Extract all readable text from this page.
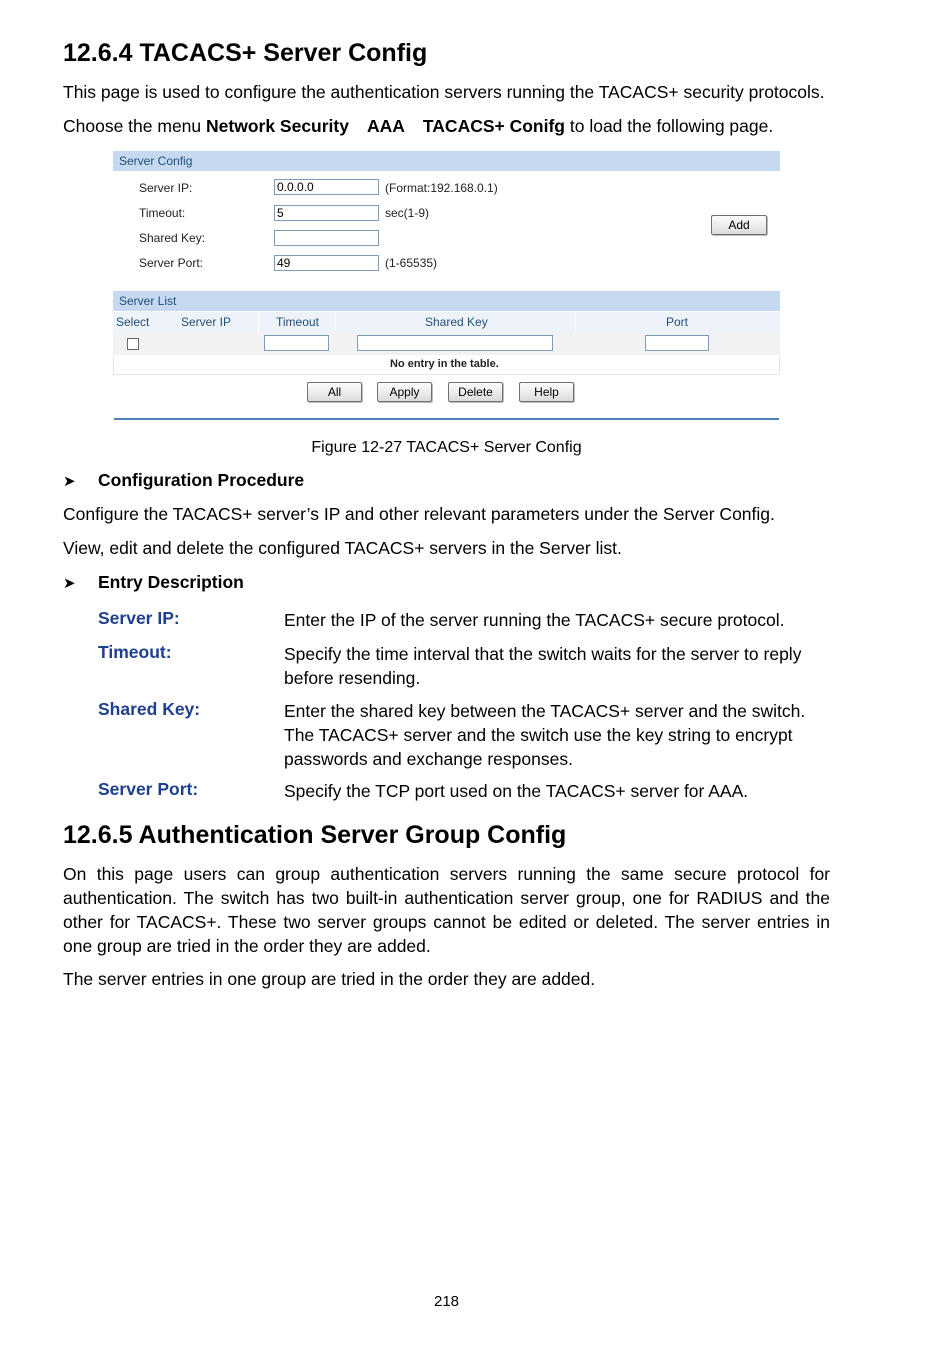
12.6.4 TACACS+ Server Config
This page is used to configure the authentication servers running the TACACS+ security protocols.
Choose the menu Network Security AAA TACACS+ Conifg to load the following page.
Server Config
Server IP:	0.0.0.0	(Format:192.168.0.1)
Timeout:	5	sec(1-9)
Shared Key:
Server Port:	49	(1-65535)
Add
Server List
Select	Server IP	Timeout	Shared Key	Port
No entry in the table.
All	Apply	Delete	Help
Figure 12-27 TACACS+ Server Config
➤ Configuration Procedure
Configure the TACACS+ server’s IP and other relevant parameters under the Server Config.
View, edit and delete the configured TACACS+ servers in the Server list.
➤ Entry Description
Server IP:	Enter the IP of the server running the TACACS+ secure protocol.
Timeout:	Specify the time interval that the switch waits for the server to reply before resending.
Shared Key:	Enter the shared key between the TACACS+ server and the switch. The TACACS+ server and the switch use the key string to encrypt passwords and exchange responses.
Server Port:	Specify the TCP port used on the TACACS+ server for AAA.
12.6.5 Authentication Server Group Config
On this page users can group authentication servers running the same secure protocol for authentication. The switch has two built-in authentication server group, one for RADIUS and the other for TACACS+. These two server groups cannot be edited or deleted. The server entries in one group are tried in the order they are added.
The server entries in one group are tried in the order they are added.
218
